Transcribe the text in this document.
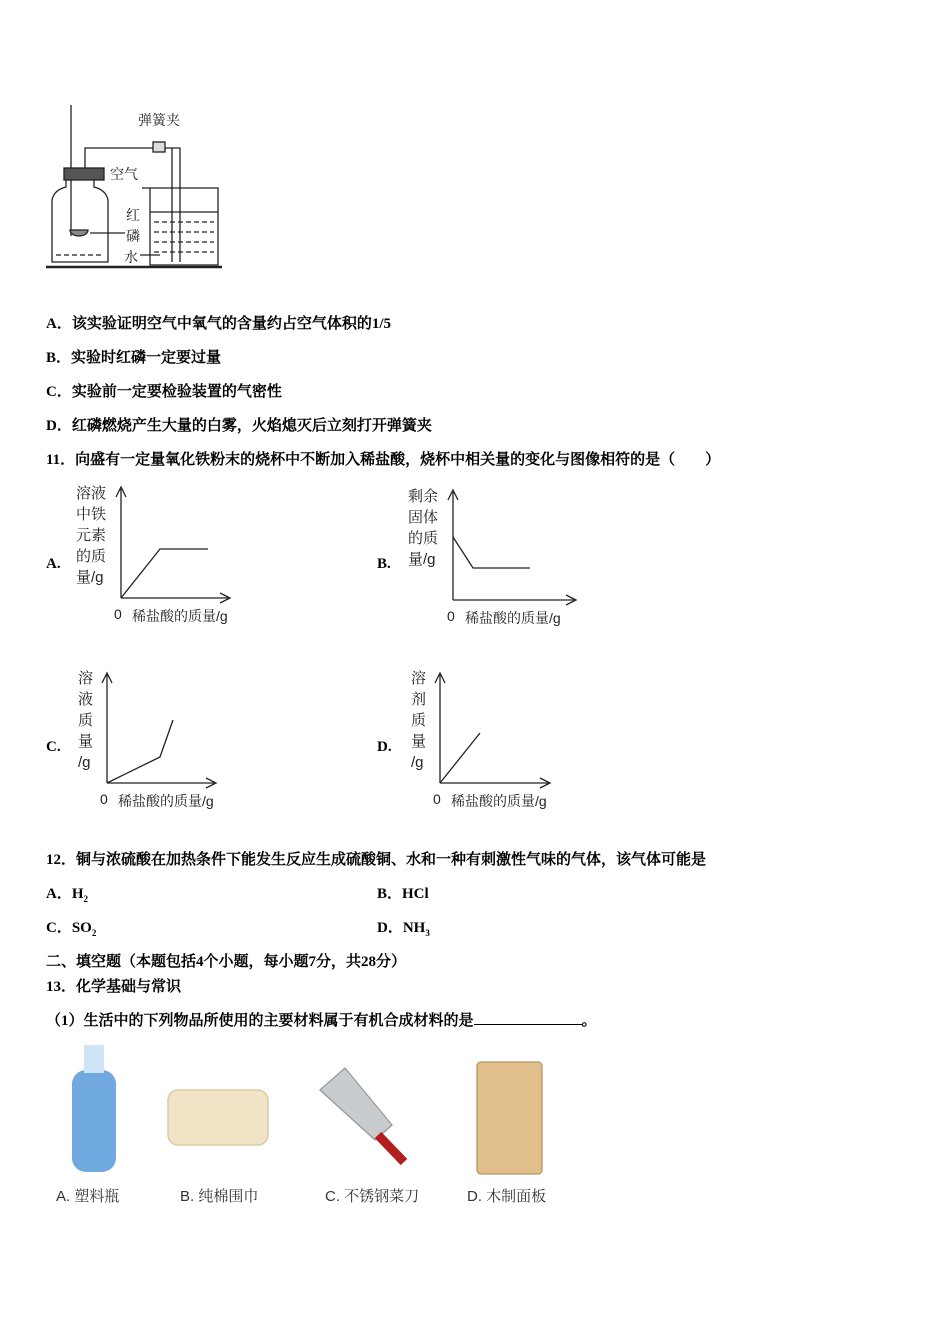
弹簧夹
空气
红磷
水
A．该实验证明空气中氧气的含量约占空气体积的1/5
B．实验时红磷一定要过量
C．实验前一定要检验装置的气密性
D．红磷燃烧产生大量的白雾，火焰熄灭后立刻打开弹簧夹
11．向盛有一定量氧化铁粉末的烧杯中不断加入稀盐酸，烧杯中相关量的变化与图像相符的是（　　）
A.
溶液
中铁
元素
的质
量/g
0 稀盐酸的质量/g
B.
剩余
固体
的质
量/g
0 稀盐酸的质量/g
C.
溶
液
质
量
/g
0 稀盐酸的质量/g
D.
溶
剂
质
量
/g
0 稀盐酸的质量/g
12．铜与浓硫酸在加热条件下能发生反应生成硫酸铜、水和一种有刺激性气味的气体，该气体可能是
A．$H_2$	B．HCl
C．$SO_2$	D．$NH_3$
二、填空题（本题包括4个小题，每小题7分，共28分）
13．化学基础与常识
（1）生活中的下列物品所使用的主要材料属于有机合成材料的是	。
A. 塑料瓶	B. 纯棉围巾	C. 不锈钢菜刀	D. 木制面板
